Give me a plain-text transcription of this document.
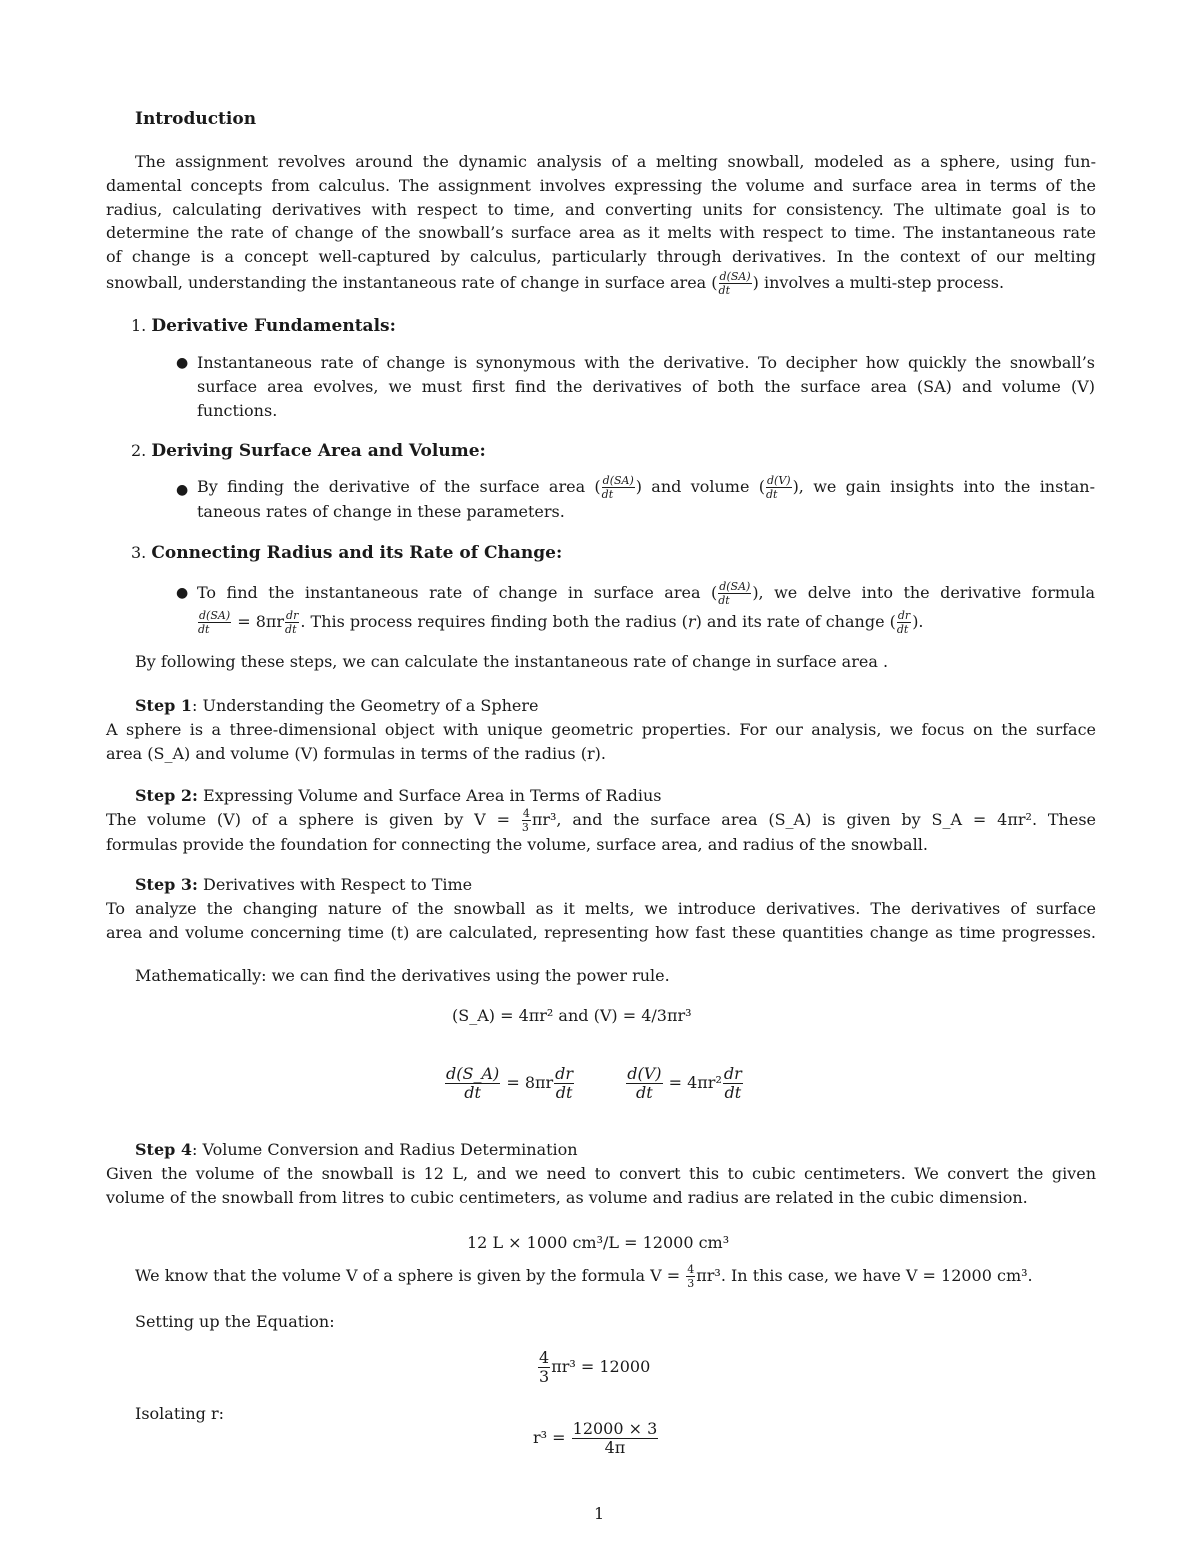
Introduction
The assignment revolves around the dynamic analysis of a melting snowball, modeled as a sphere, using fun-
damental concepts from calculus. The assignment involves expressing the volume and surface area in terms of the
radius, calculating derivatives with respect to time, and converting units for consistency. The ultimate goal is to
determine the rate of change of the snowball’s surface area as it melts with respect to time. The instantaneous rate
of change is a concept well-captured by calculus, particularly through derivatives. In the context of our melting
snowball, understanding the instantaneous rate of change in surface area ( $\frac{d(SA)}{dt}$ ) involves a multi-step process.
1. Derivative Fundamentals:
● Instantaneous rate of change is synonymous with the derivative. To decipher how quickly the snowball’s
surface area evolves, we must first find the derivatives of both the surface area (SA) and volume (V)
functions.
2. Deriving Surface Area and Volume:
● By finding the derivative of the surface area ( $\frac{d(SA)}{dt}$ ) and volume ( $\frac{d(V)}{dt}$ ), we gain insights into the instan-
taneous rates of change in these parameters.
3. Connecting Radius and its Rate of Change:
● To find the instantaneous rate of change in surface area ( $\frac{d(SA)}{dt}$ ), we delve into the derivative formula
$\frac{d(SA)}{dt} = 8\pi r \frac{dr}{dt}$ . This process requires finding both the radius (r) and its rate of change ( $\frac{dr}{dt}$ ).
By following these steps, we can calculate the instantaneous rate of change in surface area .
Step 1: Understanding the Geometry of a Sphere
A sphere is a three-dimensional object with unique geometric properties. For our analysis, we focus on the surface
area (S_A) and volume (V) formulas in terms of the radius (r).
Step 2: Expressing Volume and Surface Area in Terms of Radius
The volume (V) of a sphere is given by $V = \frac{4}{3} \pi r^3$, and the surface area (S_A) is given by S_A = 4πr². These
formulas provide the foundation for connecting the volume, surface area, and radius of the snowball.
Step 3: Derivatives with Respect to Time
To analyze the changing nature of the snowball as it melts, we introduce derivatives. The derivatives of surface
area and volume concerning time (t) are calculated, representing how fast these quantities change as time progresses.
Mathematically: we can find the derivatives using the power rule.
(S_A) = 4πr² and (V) = 4/3πr³
$\frac{d(S\_A)}{dt} = 8\pi r \frac{dr}{dt}$
	$\frac{d(V)}{dt} = 4\pi r^2 \frac{dr}{dt}$
Step 4: Volume Conversion and Radius Determination
Given the volume of the snowball is 12 L, and we need to convert this to cubic centimeters. We convert the given
volume of the snowball from litres to cubic centimeters, as volume and radius are related in the cubic dimension.
12 L × 1000 cm³/L = 12000 cm³
We know that the volume V of a sphere is given by the formula $V = \frac{4}{3} \pi r^3$. In this case, we have V = 12000 cm³.
Setting up the Equation:
$\frac{4}{3} \pi r^3 = 12000$
Isolating r:
$r^3 = \frac{12000 \times 3}{4\pi}$
1
